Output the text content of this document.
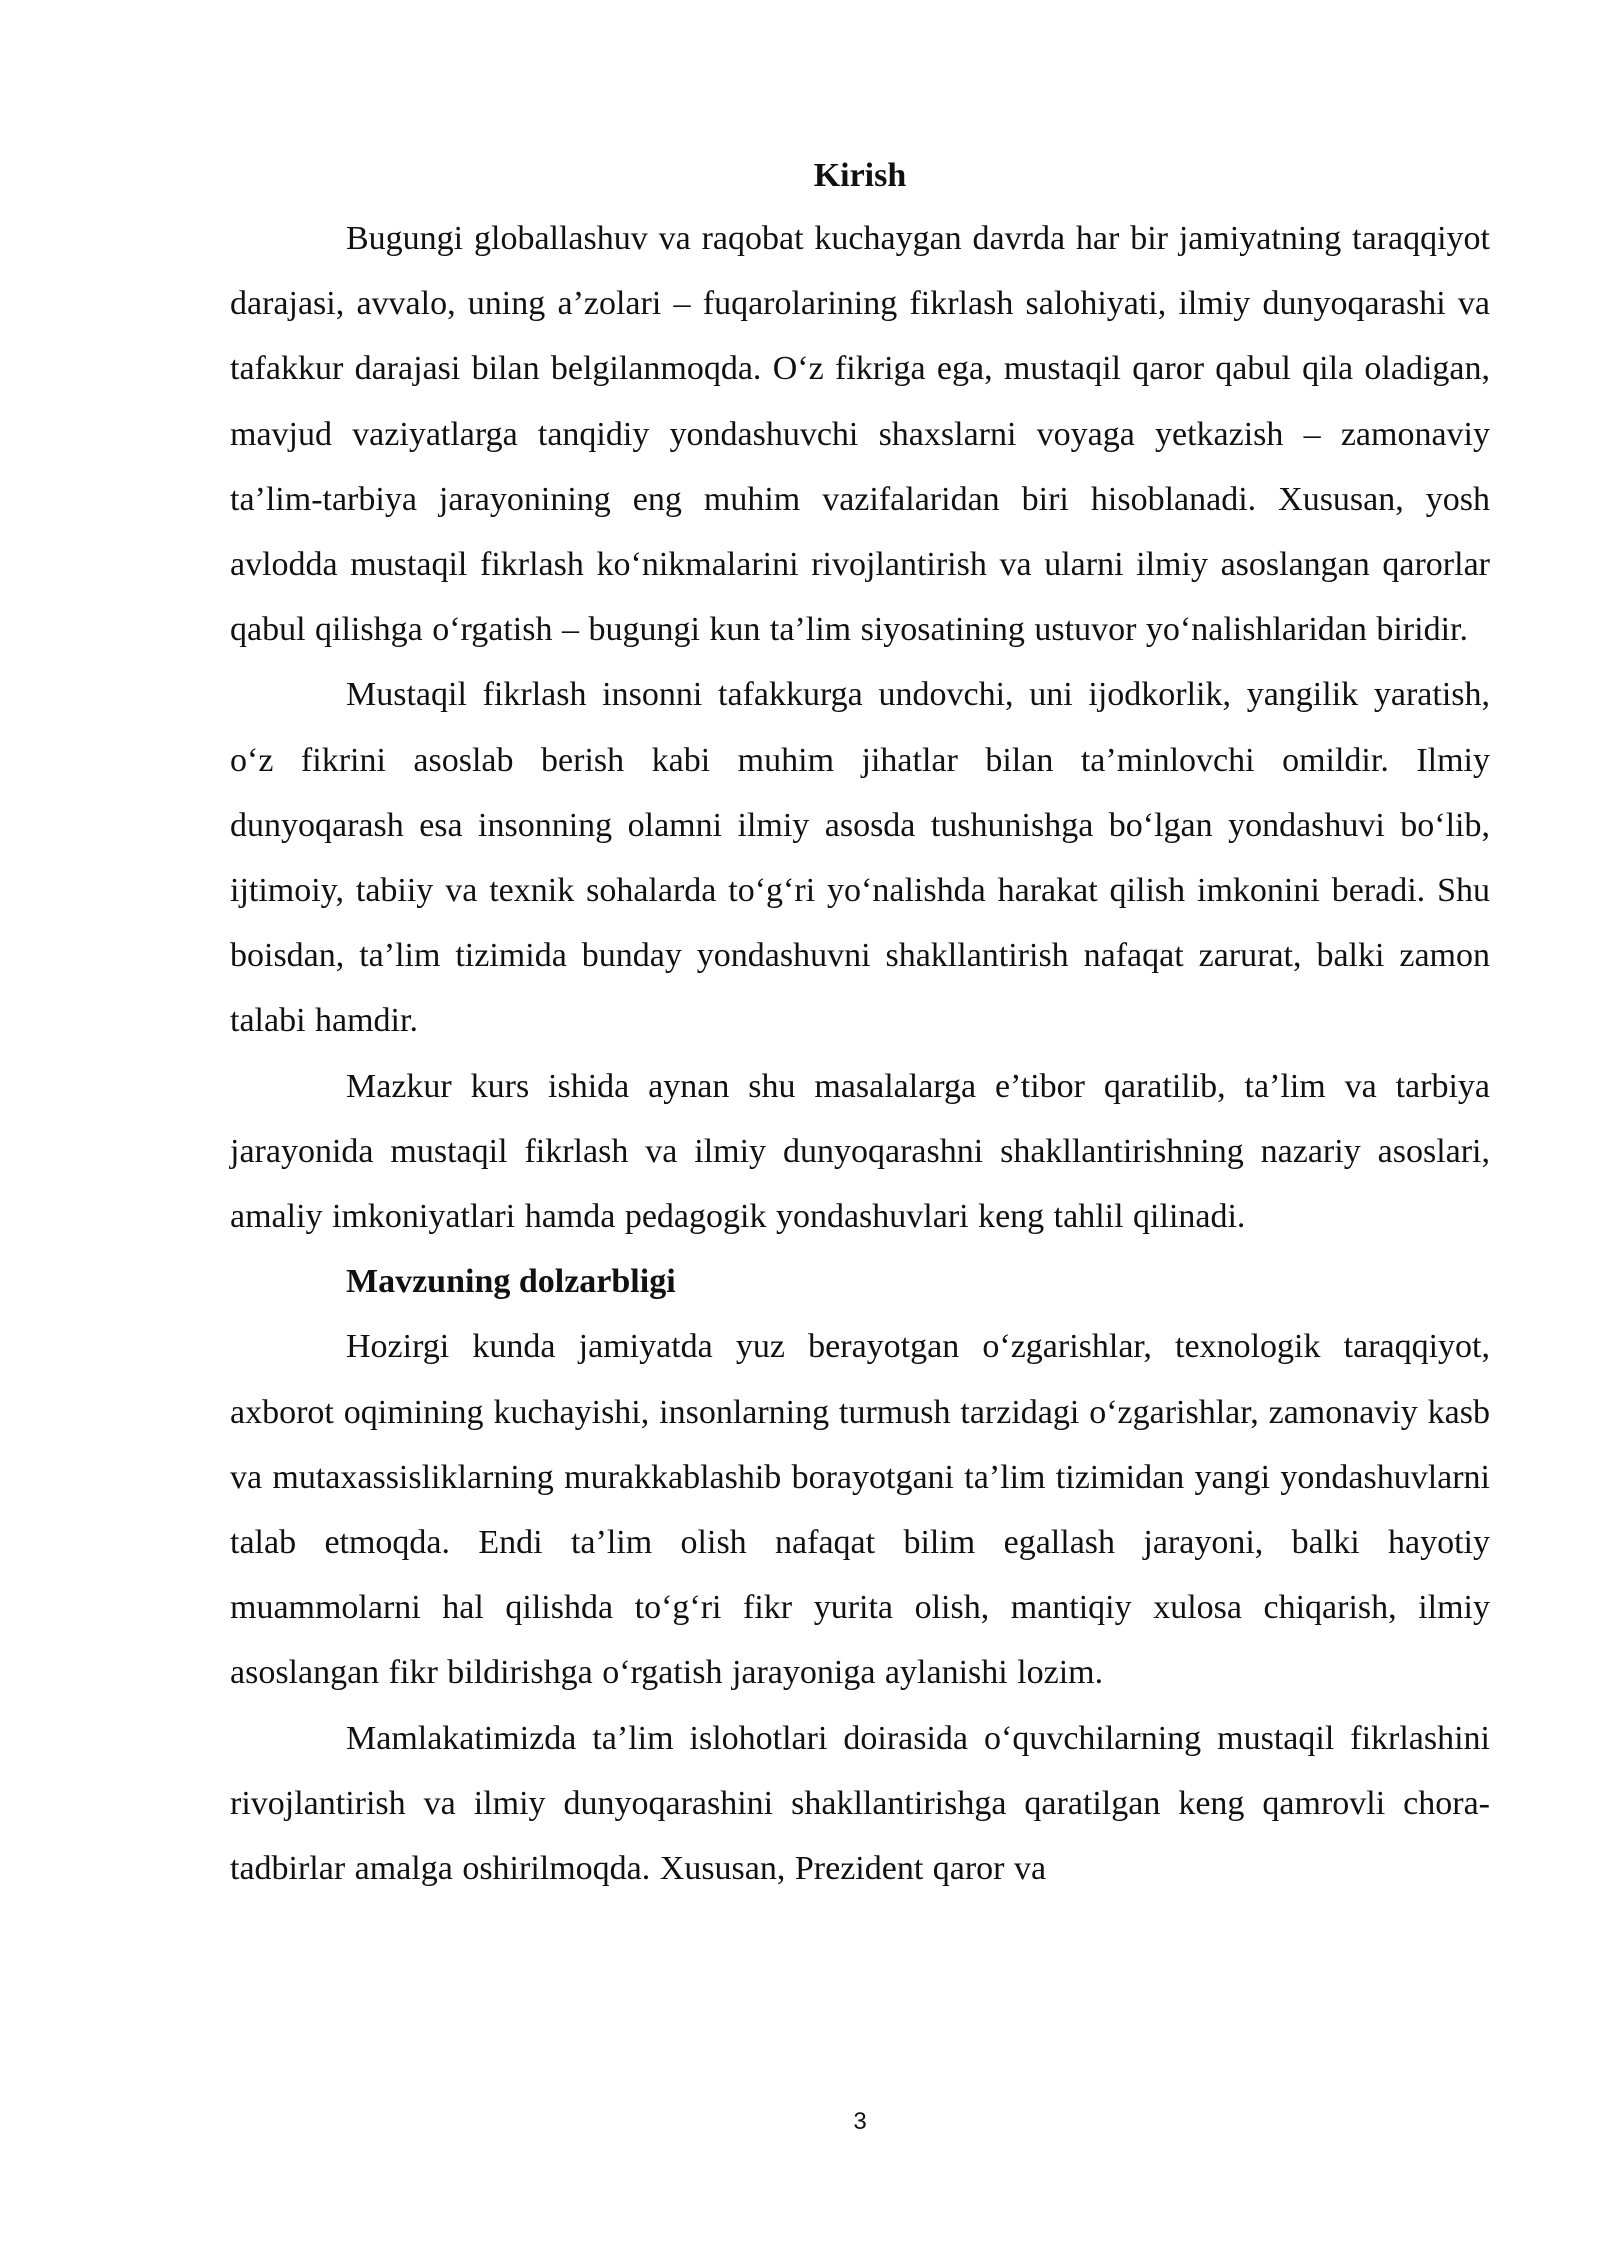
Kirish

Bugungi globallashuv va raqobat kuchaygan davrda har bir jamiyatning taraqqiyot darajasi, avvalo, uning a’zolari – fuqarolarining fikrlash salohiyati, ilmiy dunyoqarashi va tafakkur darajasi bilan belgilanmoqda. O‘z fikriga ega, mustaqil qaror qabul qila oladigan, mavjud vaziyatlarga tanqidiy yondashuvchi shaxslarni voyaga yetkazish – zamonaviy ta’lim-tarbiya jarayonining eng muhim vazifalaridan biri hisoblanadi. Xususan, yosh avlodda mustaqil fikrlash ko‘nikmalarini rivojlantirish va ularni ilmiy asoslangan qarorlar qabul qilishga o‘rgatish – bugungi kun ta’lim siyosatining ustuvor yo‘nalishlaridan biridir.

Mustaqil fikrlash insonni tafakkurga undovchi, uni ijodkorlik, yangilik yaratish, o‘z fikrini asoslab berish kabi muhim jihatlar bilan ta’minlovchi omildir. Ilmiy dunyoqarash esa insonning olamni ilmiy asosda tushunishga bo‘lgan yondashuvi bo‘lib, ijtimoiy, tabiiy va texnik sohalarda to‘g‘ri yo‘nalishda harakat qilish imkonini beradi. Shu boisdan, ta’lim tizimida bunday yondashuvni shakllantirish nafaqat zarurat, balki zamon talabi hamdir.

Mazkur kurs ishida aynan shu masalalarga e’tibor qaratilib, ta’lim va tarbiya jarayonida mustaqil fikrlash va ilmiy dunyoqarashni shakllantirishning nazariy asoslari, amaliy imkoniyatlari hamda pedagogik yondashuvlari keng tahlil qilinadi.

Mavzuning dolzarbligi

Hozirgi kunda jamiyatda yuz berayotgan o‘zgarishlar, texnologik taraqqiyot, axborot oqimining kuchayishi, insonlarning turmush tarzidagi o‘zgarishlar, zamonaviy kasb va mutaxassisliklarning murakkablashib borayotgani ta’lim tizimidan yangi yondashuvlarni talab etmoqda. Endi ta’lim olish nafaqat bilim egallash jarayoni, balki hayotiy muammolarni hal qilishda to‘g‘ri fikr yurita olish, mantiqiy xulosa chiqarish, ilmiy asoslangan fikr bildirishga o‘rgatish jarayoniga aylanishi lozim.

Mamlakatimizda ta’lim islohotlari doirasida o‘quvchilarning mustaqil fikrlashini rivojlantirish va ilmiy dunyoqarashini shakllantirishga qaratilgan keng qamrovli chora-tadbirlar amalga oshirilmoqda. Xususan, Prezident qaror va

3
